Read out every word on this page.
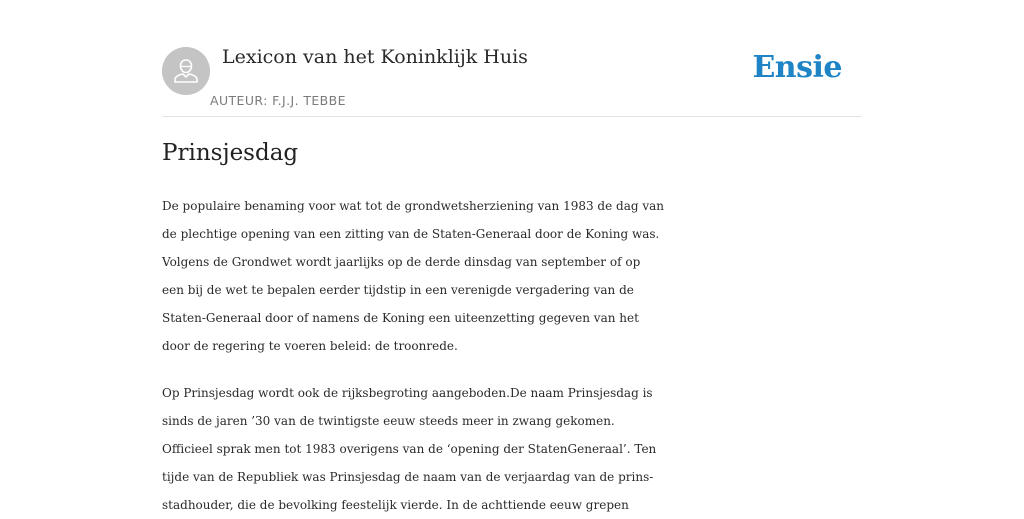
Lexicon van het Koninklijk Huis
AUTEUR: F.J.J. TEBBE
Ensie
Prinsjesdag

De populaire benaming voor wat tot de grondwetsherziening van 1983 de dag van
de plechtige opening van een zitting van de Staten-Generaal door de Koning was.
Volgens de Grondwet wordt jaarlijks op de derde dinsdag van september of op
een bij de wet te bepalen eerder tijdstip in een verenigde vergadering van de
Staten-Generaal door of namens de Koning een uiteenzetting gegeven van het
door de regering te voeren beleid: de troonrede.

Op Prinsjesdag wordt ook de rijksbegroting aangeboden.De naam Prinsjesdag is
sinds de jaren ’30 van de twintigste eeuw steeds meer in zwang gekomen.
Officieel sprak men tot 1983 overigens van de ‘opening der StatenGeneraal’. Ten
tijde van de Republiek was Prinsjesdag de naam van de verjaardag van de prins-
stadhouder, die de bevolking feestelijk vierde. In de achttiende eeuw grepen
